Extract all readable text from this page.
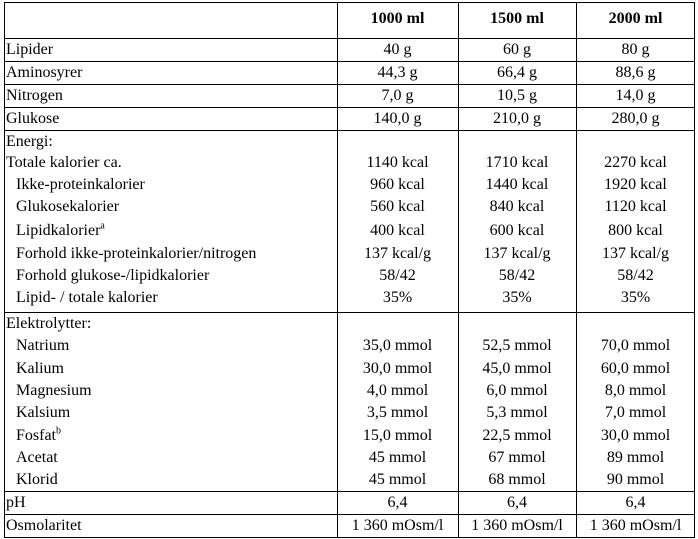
1000 ml	1500 ml	2000 ml
Lipider	40 g	60 g	80 g
Aminosyrer	44,3 g	66,4 g	88,6 g
Nitrogen	7,0 g	10,5 g	14,0 g
Glukose	140,0 g	210,0 g	280,0 g
Energi:
Totale kalorier ca.	1140 kcal	1710 kcal	2270 kcal
Ikke-proteinkalorier	960 kcal	1440 kcal	1920 kcal
Glukosekalorier	560 kcal	840 kcal	1120 kcal
Lipidkalorier$^a$	400 kcal	600 kcal	800 kcal
Forhold ikke-proteinkalorier/nitrogen	137 kcal/g	137 kcal/g	137 kcal/g
Forhold glukose-/lipidkalorier	58/42	58/42	58/42
Lipid- / totale kalorier	35%	35%	35%
Elektrolytter:
Natrium	35,0 mmol	52,5 mmol	70,0 mmol
Kalium	30,0 mmol	45,0 mmol	60,0 mmol
Magnesium	4,0 mmol	6,0 mmol	8,0 mmol
Kalsium	3,5 mmol	5,3 mmol	7,0 mmol
Fosfat$^b$	15,0 mmol	22,5 mmol	30,0 mmol
Acetat	45 mmol	67 mmol	89 mmol
Klorid	45 mmol	68 mmol	90 mmol
pH	6,4	6,4	6,4
Osmolaritet	1 360 mOsm/l	1 360 mOsm/l	1 360 mOsm/l
